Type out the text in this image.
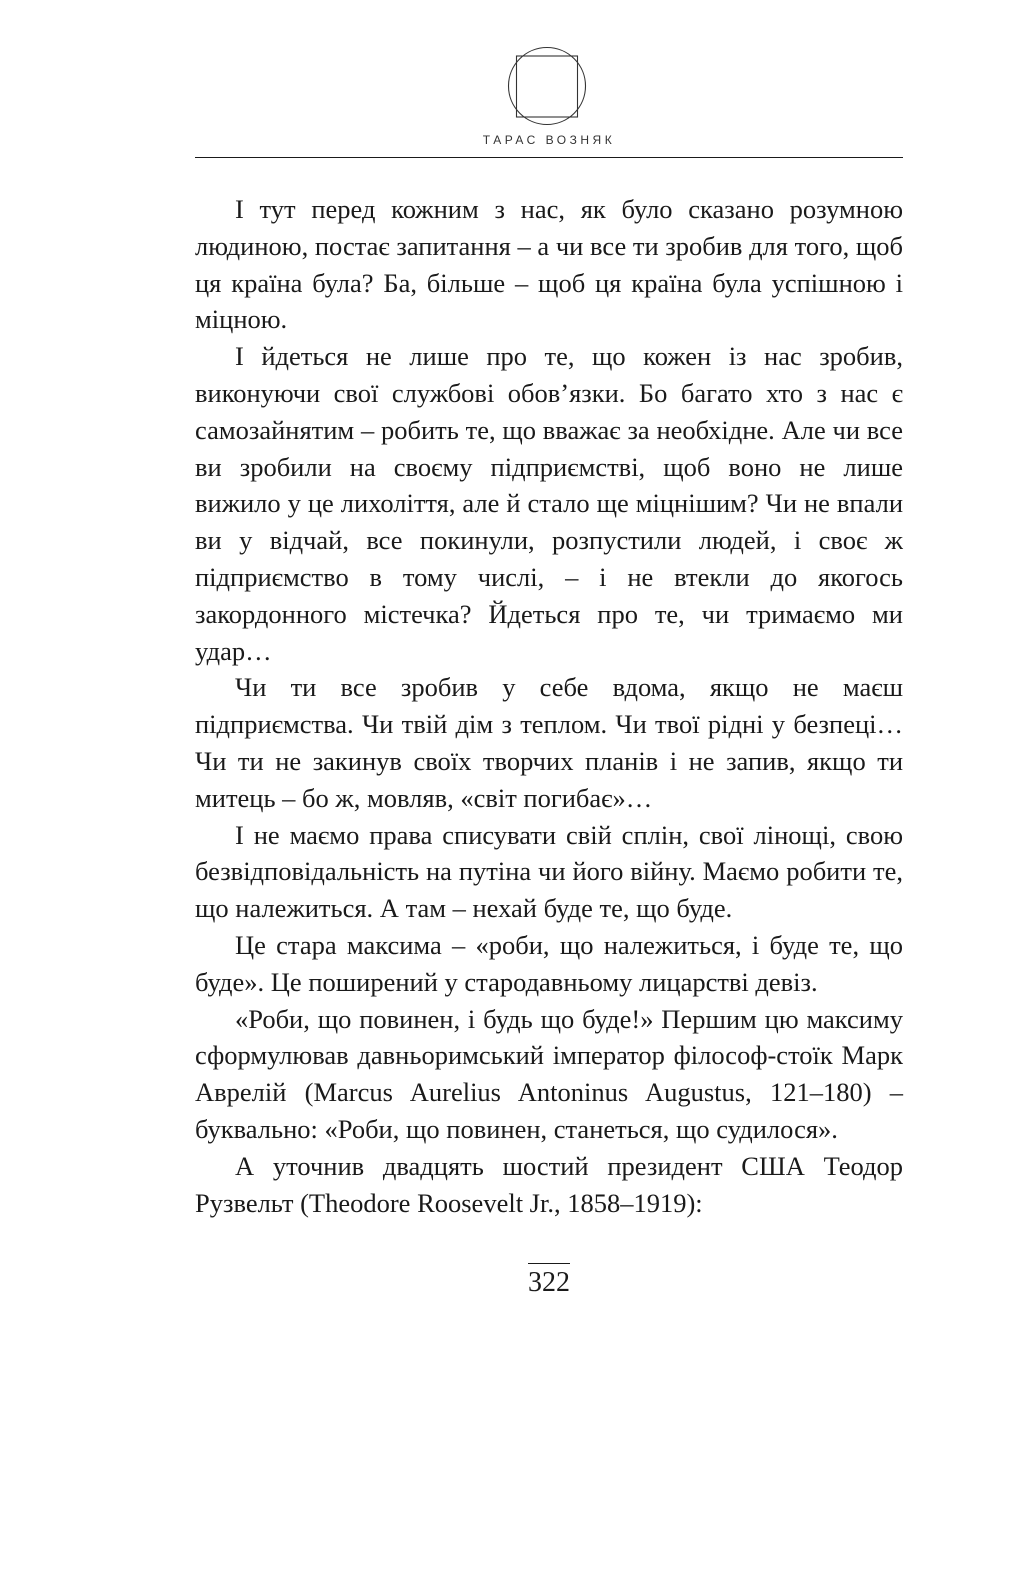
ТАРАС ВОЗНЯК

І тут перед кожним з нас, як було сказано розумною людиною, постає запитання – а чи все ти зробив для того, щоб ця країна була? Ба, більше – щоб ця країна була успішною і міцною.

І йдеться не лише про те, що кожен із нас зробив, виконуючи свої службові обов’язки. Бо багато хто з нас є самозайнятим – робить те, що вважає за необхідне. Але чи все ви зробили на своєму підприємстві, щоб воно не лише вижило у це лихоліття, але й стало ще міцнішим? Чи не впали ви у відчай, все покинули, розпустили людей, і своє ж підприємство в тому числі, – і не втекли до якогось закордонного містечка? Йдеться про те, чи тримаємо ми удар…

Чи ти все зробив у себе вдома, якщо не маєш підприємства. Чи твій дім з теплом. Чи твої рідні у безпеці… Чи ти не закинув своїх творчих планів і не запив, якщо ти митець – бо ж, мовляв, «світ погибає»…

І не маємо права списувати свій сплін, свої лінощі, свою безвідповідальність на путіна чи його війну. Маємо робити те, що належиться. А там – нехай буде те, що буде.

Це стара максима – «роби, що належиться, і буде те, що буде». Це поширений у стародавньому лицарстві девіз.

«Роби, що повинен, і будь що буде!» Першим цю максиму сформулював давньоримський імператор філософ-стоїк Марк Аврелій (Marcus Aurelius Antoninus Augustus, 121–180) – буквально: «Роби, що повинен, станеться, що судилося».

А уточнив двадцять шостий президент США Теодор Рузвельт (Theodore Roosevelt Jr., 1858–1919):

322
